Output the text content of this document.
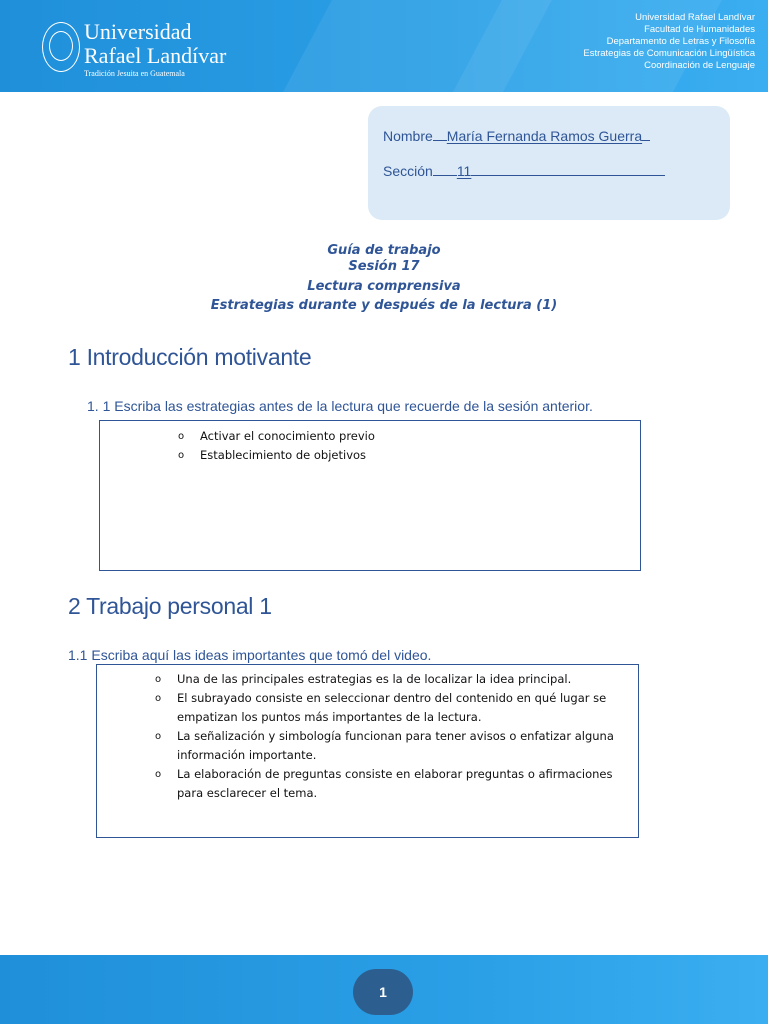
Universidad
Rafael Landívar
Tradición Jesuita en Guatemala
Universidad Rafael Landívar
Facultad de Humanidades
Departamento de Letras y Filosofía
Estrategias de Comunicación Lingüística
Coordinación de Lenguaje
Nombre María Fernanda Ramos Guerra
Sección 11
Guía de trabajo
Sesión 17
Lectura comprensiva
Estrategias durante y después de la lectura (1)
1 Introducción motivante
1. 1 Escriba las estrategias antes de la lectura que recuerde de la sesión anterior.
o Activar el conocimiento previo
o Establecimiento de objetivos
2 Trabajo personal 1
1.1 Escriba aquí las ideas importantes que tomó del video.
o Una de las principales estrategias es la de localizar la idea principal.
o El subrayado consiste en seleccionar dentro del contenido en qué lugar se empatizan los puntos más importantes de la lectura.
o La señalización y simbología funcionan para tener avisos o enfatizar alguna información importante.
o La elaboración de preguntas consiste en elaborar preguntas o afirmaciones para esclarecer el tema.
1
